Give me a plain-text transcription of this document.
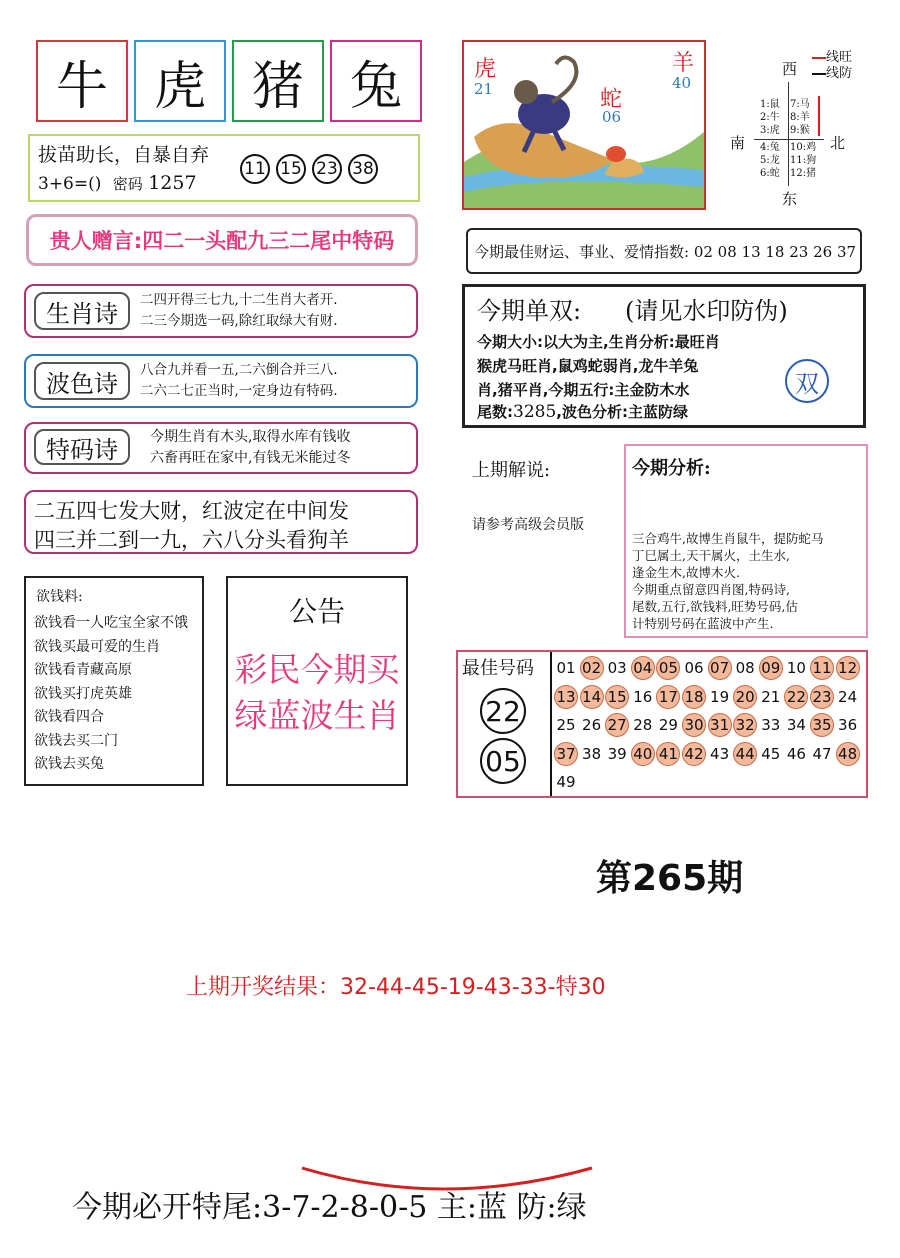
牛 虎 猪 兔
拔苗助长，自暴自弃
3+6=() 密码 1257
11 15 23 38
贵人赠言:四二一头配九三二尾中特码
生肖诗	二四开得三七九,十二生肖大者开.
二三今期选一码,除红取绿大有财.
波色诗	八合九并看一五,二六倒合并三八.
二六二七正当时,一定身边有特码.
特码诗	今期生肖有木头,取得水库有钱收
六畜再旺在家中,有钱无米能过冬
二五四七发大财，红波定在中间发
四三并二到一九，六八分头看狗羊
欲钱料:
欲钱看一人吃宝全家不饿
欲钱买最可爱的生肖
欲钱看青藏高原
欲钱买打虎英雄
欲钱看四合
欲钱去买二门
欲钱去买兔
公告
彩民今期买
绿蓝波生肖
虎
21
羊
40
蛇
06
线旺
线防
西
南	北
东
1:鼠
2:牛
3:虎
4:兔
5:龙
6:蛇
7:马
8:羊
9:猴
10:鸡
11:狗
12:猪
今期最佳财运、事业、爱情指数: 02 08 13 18 23 26 37
今期单双: (请见水印防伪)
今期大小:以大为主,生肖分析:最旺肖
猴虎马旺肖,鼠鸡蛇弱肖,龙牛羊兔
肖,猪平肖,今期五行:主金防木水
尾数:3285,波色分析:主蓝防绿
双
上期解说:
请参考高级会员版
今期分析:
三合鸡牛,故博生肖鼠牛，提防蛇马
丁巳属土,天干属火，土生水,
逢金生木,故博木火.
今期重点留意四肖图,特码诗,
尾数,五行,欲钱料,旺势号码,估
计特别号码在蓝波中产生.
最佳号码
22
05
01 02 03 04 05 06 07 08 09 10 11 12
13 14 15 16 17 18 19 20 21 22 23 24
25 26 27 28 29 30 31 32 33 34 35 36
37 38 39 40 41 42 43 44 45 46 47 48
49
第265期
上期开奖结果：32-44-45-19-43-33-特30
今期必开特尾:3-7-2-8-0-5 主:蓝 防:绿
